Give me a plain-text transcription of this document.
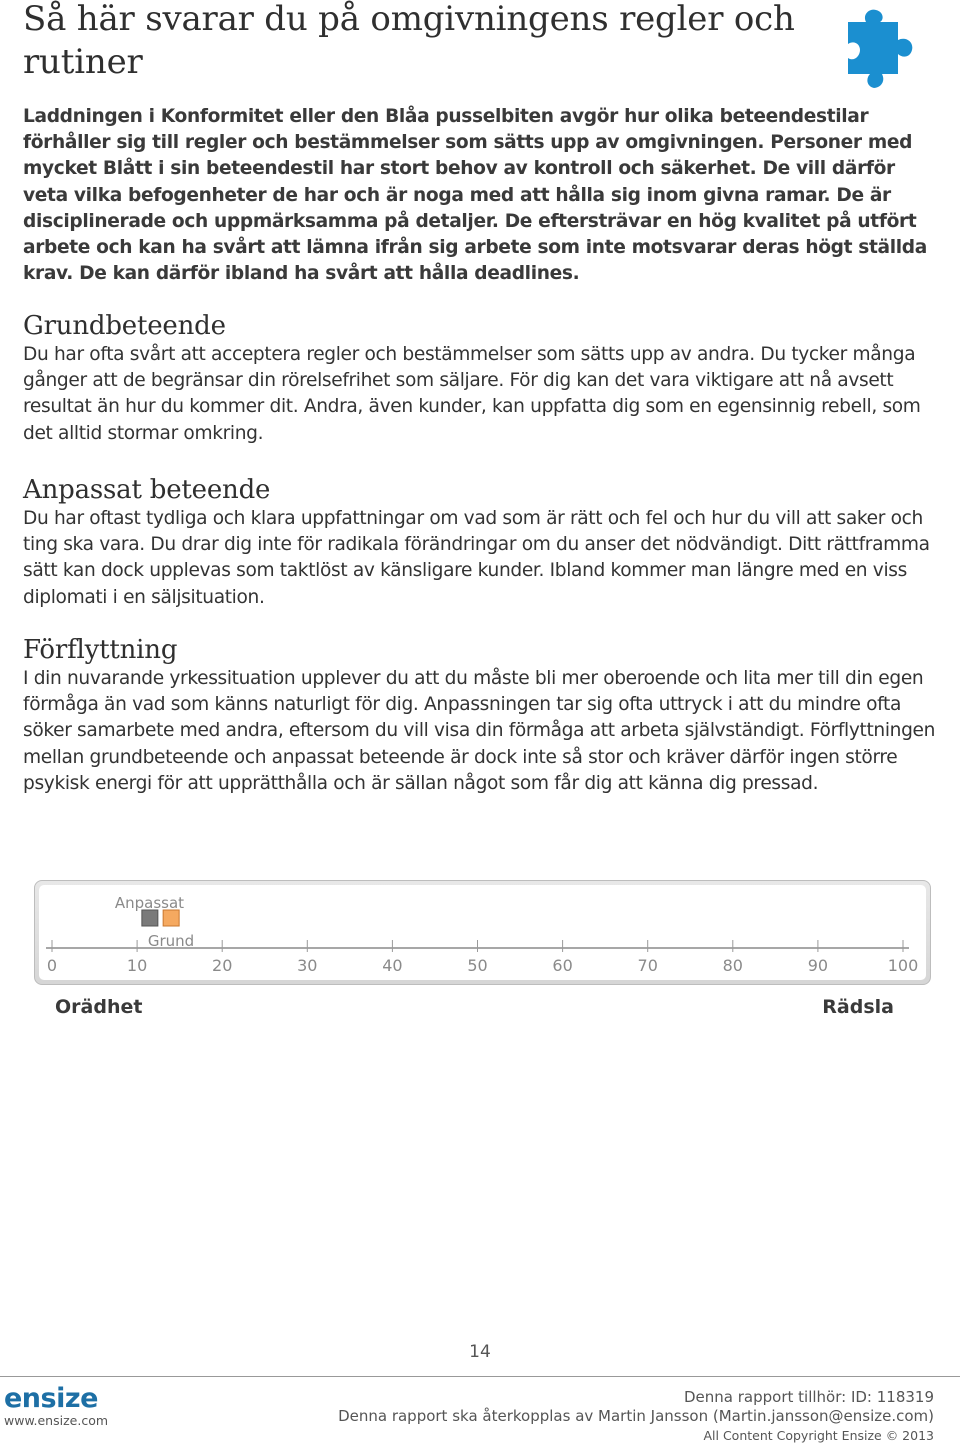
Så här svarar du på omgivningens regler och rutiner

Laddningen i Konformitet eller den Blåa pusselbiten avgör hur olika beteendestilar förhåller sig till regler och bestämmelser som sätts upp av omgivningen. Personer med mycket Blått i sin beteendestil har stort behov av kontroll och säkerhet. De vill därför veta vilka befogenheter de har och är noga med att hålla sig inom givna ramar. De är disciplinerade och uppmärksamma på detaljer. De eftersträvar en hög kvalitet på utfört arbete och kan ha svårt att lämna ifrån sig arbete som inte motsvarar deras högt ställda krav. De kan därför ibland ha svårt att hålla deadlines.

Grundbeteende

Du har ofta svårt att acceptera regler och bestämmelser som sätts upp av andra. Du tycker många gånger att de begränsar din rörelsefrihet som säljare. För dig kan det vara viktigare att nå avsett resultat än hur du kommer dit. Andra, även kunder, kan uppfatta dig som en egensinnig rebell, som det alltid stormar omkring.

Anpassat beteende

Du har oftast tydliga och klara uppfattningar om vad som är rätt och fel och hur du vill att saker och ting ska vara. Du drar dig inte för radikala förändringar om du anser det nödvändigt. Ditt rättframma sätt kan dock upplevas som taktlöst av känsligare kunder. Ibland kommer man längre med en viss diplomati i en säljsituation.

Förflyttning

I din nuvarande yrkessituation upplever du att du måste bli mer oberoende och lita mer till din egen förmåga än vad som känns naturligt för dig. Anpassningen tar sig ofta uttryck i att du mindre ofta söker samarbete med andra, eftersom du vill visa din förmåga att arbeta självständigt. Förflyttningen mellan grundbeteende och anpassat beteende är dock inte så stor och kräver därför ingen större psykisk energi för att upprätthålla och är sällan något som får dig att känna dig pressad.

0	10	20	30	40	50	60	70	80	90	100
Anpassat
Grund

Orädhet	Rädsla

14
ensize
www.ensize.com
Denna rapport tillhör: ID: 118319
Denna rapport ska återkopplas av Martin Jansson (Martin.jansson@ensize.com)
All Content Copyright Ensize © 2013
